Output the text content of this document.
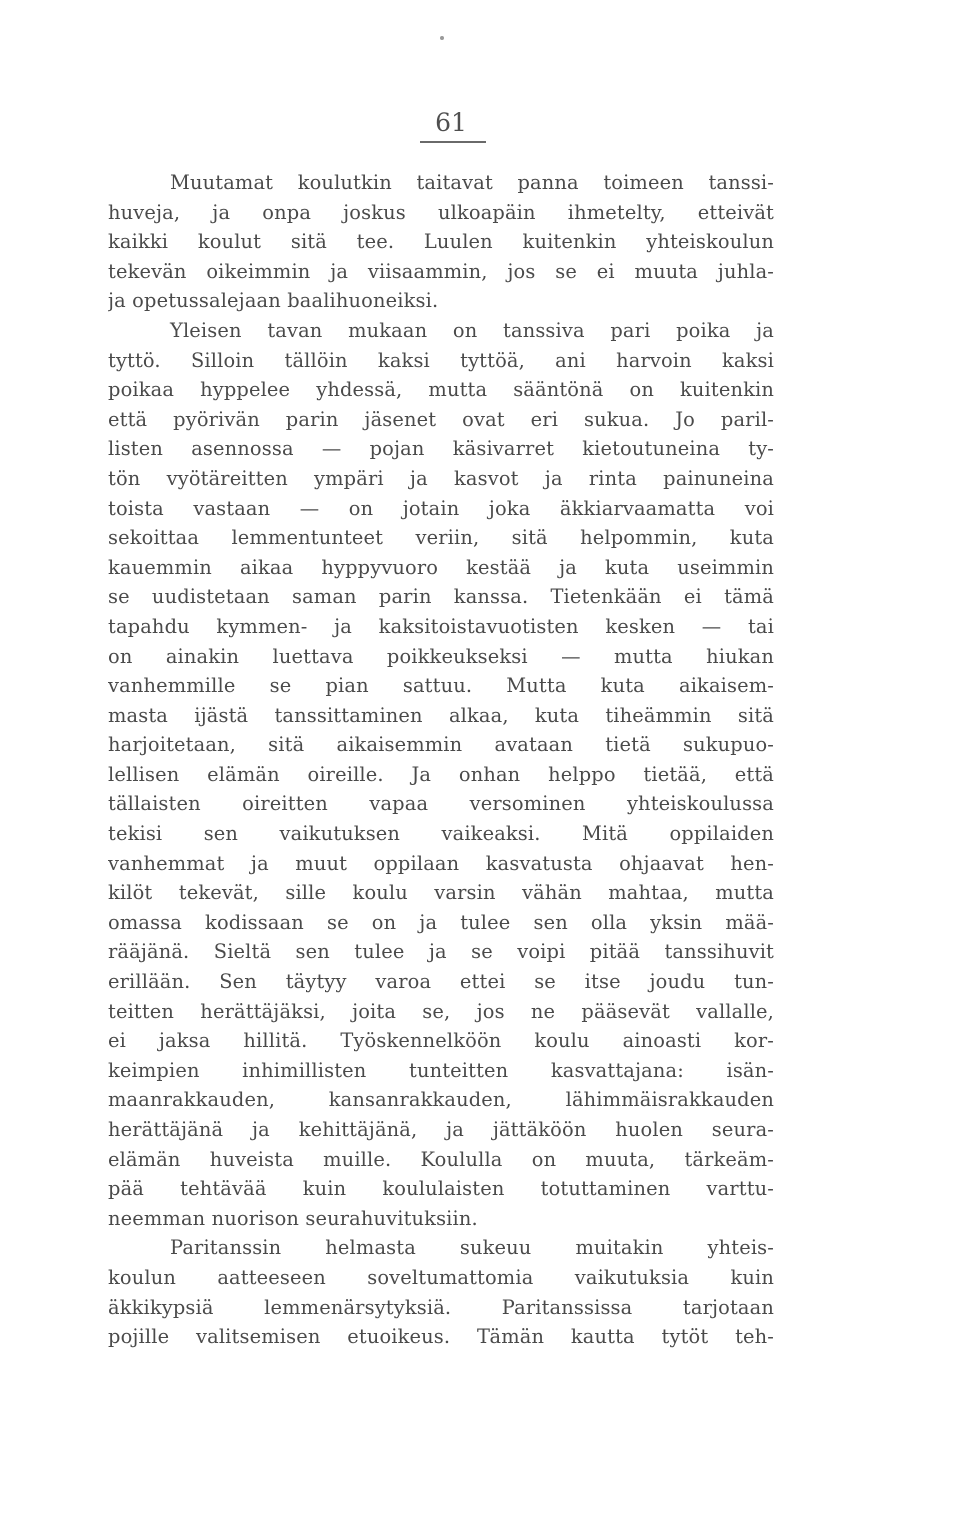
61
Muutamat koulutkin taitavat panna toimeen tanssi-
huveja, ja onpa joskus ulkoapäin ihmetelty, etteivät
kaikki koulut sitä tee. Luulen kuitenkin yhteiskoulun
tekevän oikeimmin ja viisaammin, jos se ei muuta juhla-
ja opetussalejaan baalihuoneiksi.
Yleisen tavan mukaan on tanssiva pari poika ja
tyttö. Silloin tällöin kaksi tyttöä, ani harvoin kaksi
poikaa hyppelee yhdessä, mutta sääntönä on kuitenkin
että pyörivän parin jäsenet ovat eri sukua. Jo paril-
listen asennossa — pojan käsivarret kietoutuneina ty-
tön vyötäreitten ympäri ja kasvot ja rinta painuneina
toista vastaan — on jotain joka äkkiarvaamatta voi
sekoittaa lemmentunteet veriin, sitä helpommin, kuta
kauemmin aikaa hyppyvuoro kestää ja kuta useimmin
se uudistetaan saman parin kanssa. Tietenkään ei tämä
tapahdu kymmen- ja kaksitoistavuotisten kesken — tai
on ainakin luettava poikkeukseksi — mutta hiukan
vanhemmille se pian sattuu. Mutta kuta aikaisem-
masta ijästä tanssittaminen alkaa, kuta tiheämmin sitä
harjoitetaan, sitä aikaisemmin avataan tietä sukupuo-
lellisen elämän oireille. Ja onhan helppo tietää, että
tällaisten oireitten vapaa versominen yhteiskoulussa
tekisi sen vaikutuksen vaikeaksi. Mitä oppilaiden
vanhemmat ja muut oppilaan kasvatusta ohjaavat hen-
kilöt tekevät, sille koulu varsin vähän mahtaa, mutta
omassa kodissaan se on ja tulee sen olla yksin mää-
rääjänä. Sieltä sen tulee ja se voipi pitää tanssihuvit
erillään. Sen täytyy varoa ettei se itse joudu tun-
teitten herättäjäksi, joita se, jos ne pääsevät vallalle,
ei jaksa hillitä. Työskennelköön koulu ainoasti kor-
keimpien inhimillisten tunteitten kasvattajana: isän-
maanrakkauden, kansanrakkauden, lähimmäisrakkauden
herättäjänä ja kehittäjänä, ja jättäköön huolen seura-
elämän huveista muille. Koululla on muuta, tärkeäm-
pää tehtävää kuin koululaisten totuttaminen varttu-
neemman nuorison seurahuvituksiin.
Paritanssin helmasta sukeuu muitakin yhteis-
koulun aatteeseen soveltumattomia vaikutuksia kuin
äkkikypsiä lemmenärsytyksiä. Paritanssissa tarjotaan
pojille valitsemisen etuoikeus. Tämän kautta tytöt teh-
